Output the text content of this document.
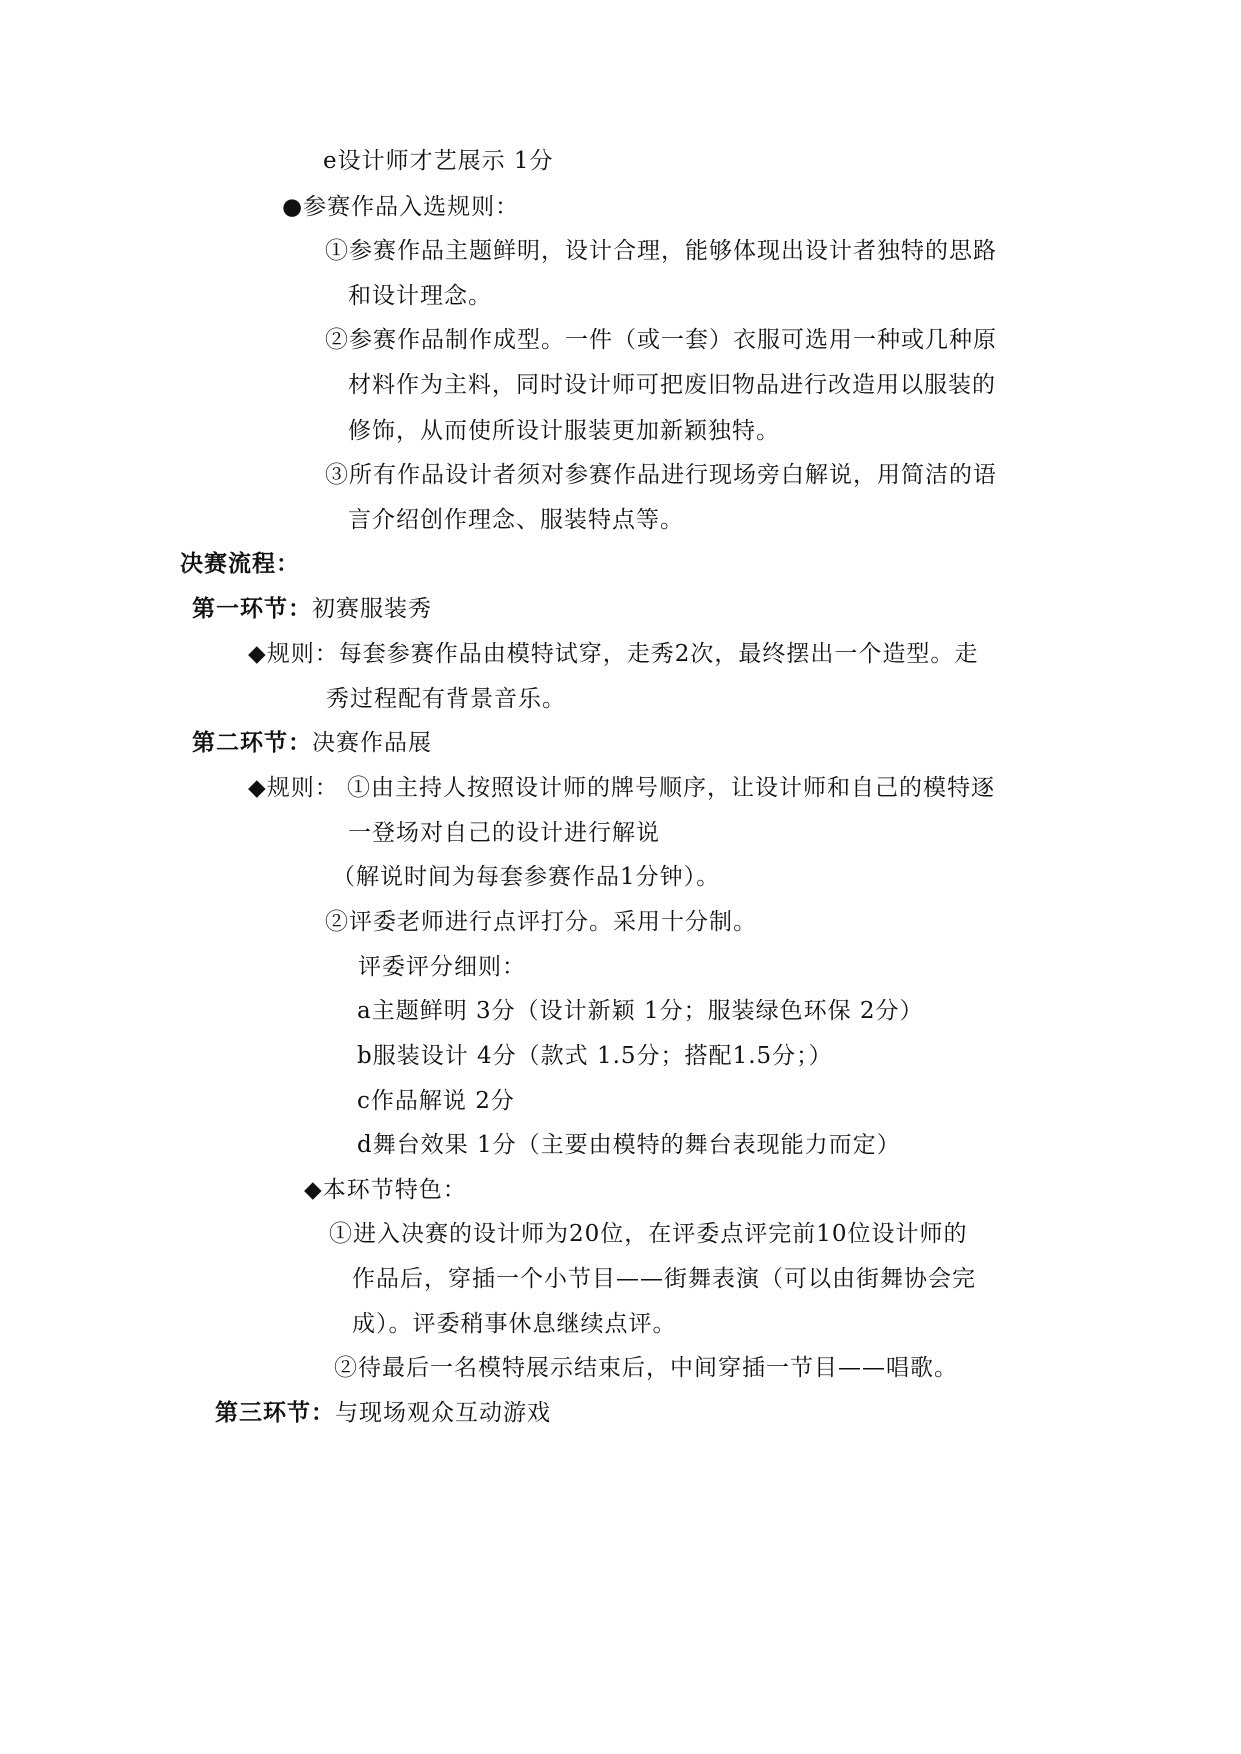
e设计师才艺展示 1分
●参赛作品入选规则：
①参赛作品主题鲜明，设计合理，能够体现出设计者独特的思路
和设计理念。
②参赛作品制作成型。一件（或一套）衣服可选用一种或几种原
材料作为主料，同时设计师可把废旧物品进行改造用以服装的
修饰，从而使所设计服装更加新颖独特。
③所有作品设计者须对参赛作品进行现场旁白解说，用简洁的语
言介绍创作理念、服装特点等。
决赛流程：
第一环节：初赛服装秀
◆规则：每套参赛作品由模特试穿，走秀2次，最终摆出一个造型。走
秀过程配有背景音乐。
第二环节：决赛作品展
◆规则： ①由主持人按照设计师的牌号顺序，让设计师和自己的模特逐
一登场对自己的设计进行解说
（解说时间为每套参赛作品1分钟）。
②评委老师进行点评打分。采用十分制。
评委评分细则：
a主题鲜明 3分（设计新颖 1分；服装绿色环保 2分）
b服装设计 4分（款式 1.5分；搭配1.5分；）
c作品解说 2分
d舞台效果 1分（主要由模特的舞台表现能力而定）
◆本环节特色：
①进入决赛的设计师为20位，在评委点评完前10位设计师的
作品后，穿插一个小节目——街舞表演（可以由街舞协会完
成）。评委稍事休息继续点评。
②待最后一名模特展示结束后，中间穿插一节目——唱歌。
第三环节：与现场观众互动游戏
